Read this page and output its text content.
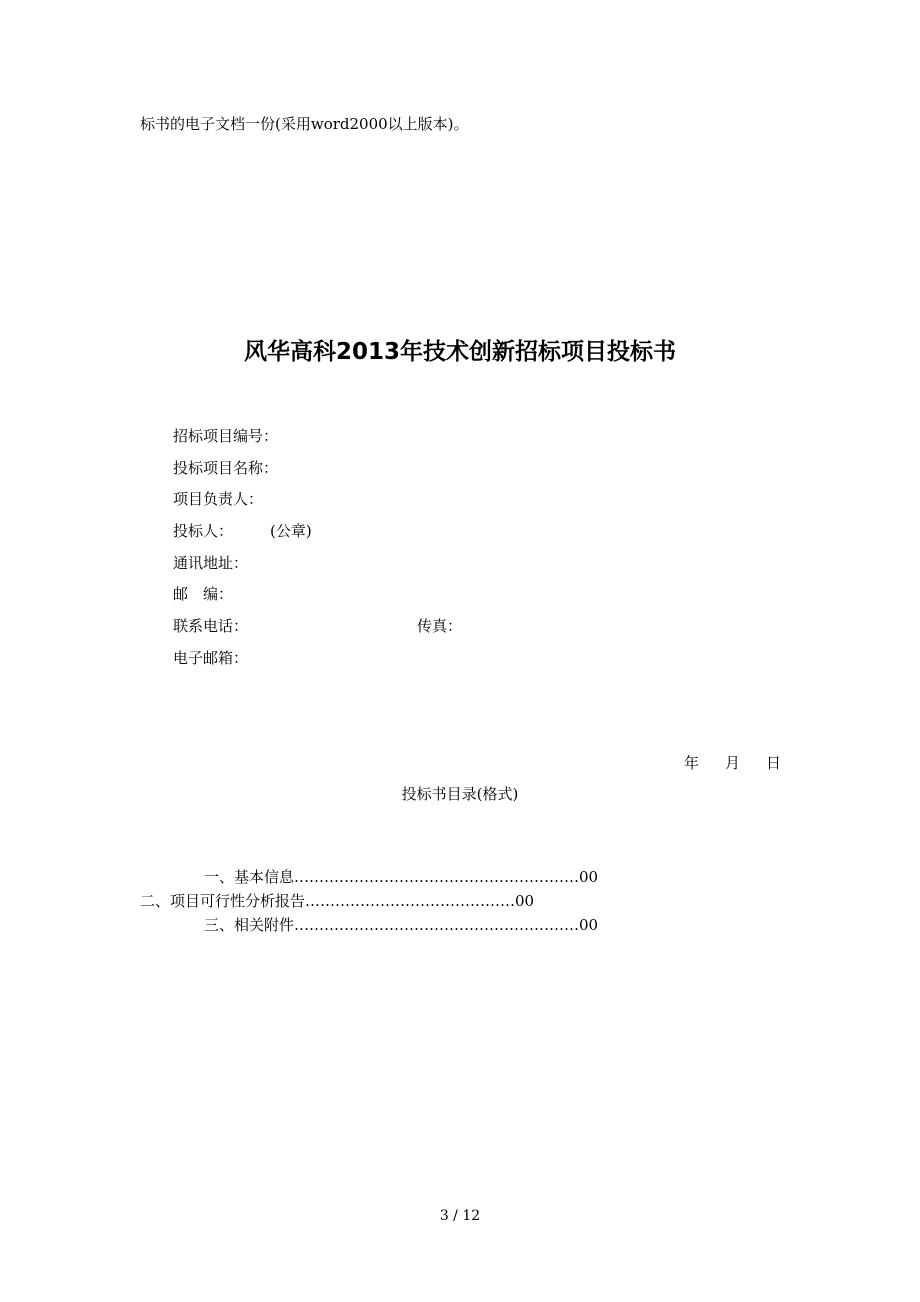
标书的电子文档一份(采用word2000以上版本)。
风华高科2013年技术创新招标项目投标书
招标项目编号：
投标项目名称：
项目负责人：
投标人： (公章)
通讯地址：
邮　编：
联系电话：	传真：
电子邮箱：
年 月 日
投标书目录(格式)
一、基本信息…………………………………………………00
二、项目可行性分析报告……………………………………00
三、相关附件…………………………………………………00
3 / 12
